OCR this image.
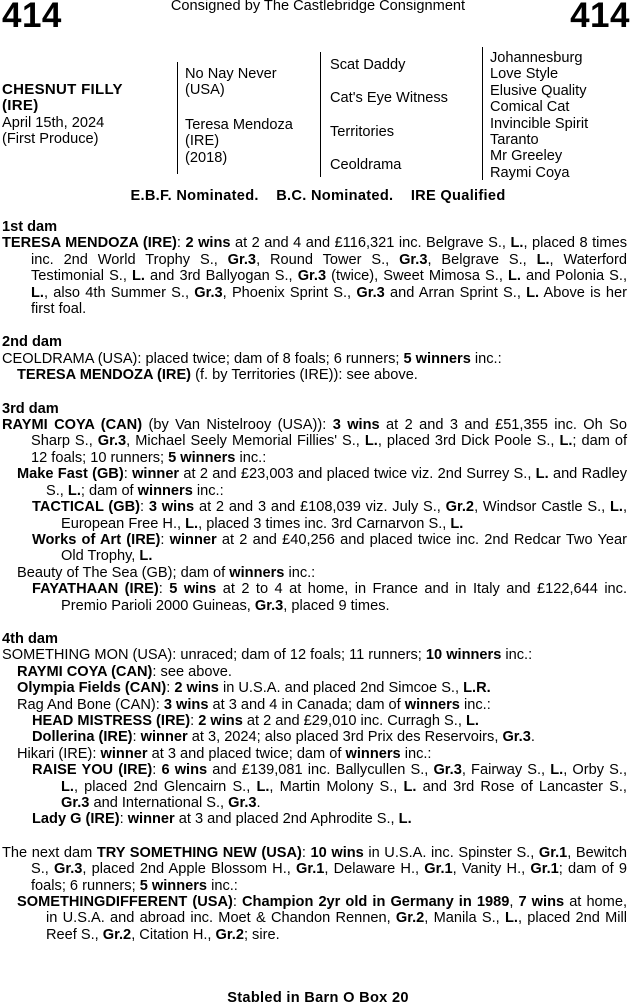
414	Consigned by The Castlebridge Consignment	414
CHESNUT FILLY
(IRE)
April 15th, 2024
(First Produce)
No Nay Never
(USA)
Teresa Mendoza
(IRE)
(2018)
Scat Daddy
Cat's Eye Witness
Territories
Ceoldrama
Johannesburg
Love Style
Elusive Quality
Comical Cat
Invincible Spirit
Taranto
Mr Greeley
Raymi Coya
E.B.F. Nominated.    B.C. Nominated.    IRE Qualified
1st dam
TERESA MENDOZA (IRE): 2 wins at 2 and 4 and £116,321 inc. Belgrave S., L., placed 8 times inc. 2nd World Trophy S., Gr.3, Round Tower S., Gr.3, Belgrave S., L., Waterford Testimonial S., L. and 3rd Ballyogan S., Gr.3 (twice), Sweet Mimosa S., L. and Polonia S., L., also 4th Summer S., Gr.3, Phoenix Sprint S., Gr.3 and Arran Sprint S., L. Above is her first foal.
2nd dam
CEOLDRAMA (USA): placed twice; dam of 8 foals; 6 runners; 5 winners inc.:
TERESA MENDOZA (IRE) (f. by Territories (IRE)): see above.
3rd dam
RAYMI COYA (CAN) (by Van Nistelrooy (USA)): 3 wins at 2 and 3 and £51,355 inc. Oh So Sharp S., Gr.3, Michael Seely Memorial Fillies' S., L., placed 3rd Dick Poole S., L.; dam of 12 foals; 10 runners; 5 winners inc.:
Make Fast (GB): winner at 2 and £23,003 and placed twice viz. 2nd Surrey S., L. and Radley S., L.; dam of winners inc.:
TACTICAL (GB): 3 wins at 2 and 3 and £108,039 viz. July S., Gr.2, Windsor Castle S., L., European Free H., L., placed 3 times inc. 3rd Carnarvon S., L.
Works of Art (IRE): winner at 2 and £40,256 and placed twice inc. 2nd Redcar Two Year Old Trophy, L.
Beauty of The Sea (GB); dam of winners inc.:
FAYATHAAN (IRE): 5 wins at 2 to 4 at home, in France and in Italy and £122,644 inc. Premio Parioli 2000 Guineas, Gr.3, placed 9 times.
4th dam
SOMETHING MON (USA): unraced; dam of 12 foals; 11 runners; 10 winners inc.:
RAYMI COYA (CAN): see above.
Olympia Fields (CAN): 2 wins in U.S.A. and placed 2nd Simcoe S., L.R.
Rag And Bone (CAN): 3 wins at 3 and 4 in Canada; dam of winners inc.:
HEAD MISTRESS (IRE): 2 wins at 2 and £29,010 inc. Curragh S., L.
Dollerina (IRE): winner at 3, 2024; also placed 3rd Prix des Reservoirs, Gr.3.
Hikari (IRE): winner at 3 and placed twice; dam of winners inc.:
RAISE YOU (IRE): 6 wins and £139,081 inc. Ballycullen S., Gr.3, Fairway S., L., Orby S., L., placed 2nd Glencairn S., L., Martin Molony S., L. and 3rd Rose of Lancaster S., Gr.3 and International S., Gr.3.
Lady G (IRE): winner at 3 and placed 2nd Aphrodite S., L.
The next dam TRY SOMETHING NEW (USA): 10 wins in U.S.A. inc. Spinster S., Gr.1, Bewitch S., Gr.3, placed 2nd Apple Blossom H., Gr.1, Delaware H., Gr.1, Vanity H., Gr.1; dam of 9 foals; 6 runners; 5 winners inc.:
SOMETHINGDIFFERENT (USA): Champion 2yr old in Germany in 1989, 7 wins at home, in U.S.A. and abroad inc. Moet & Chandon Rennen, Gr.2, Manila S., L., placed 2nd Mill Reef S., Gr.2, Citation H., Gr.2; sire.
Stabled in Barn O Box 20
